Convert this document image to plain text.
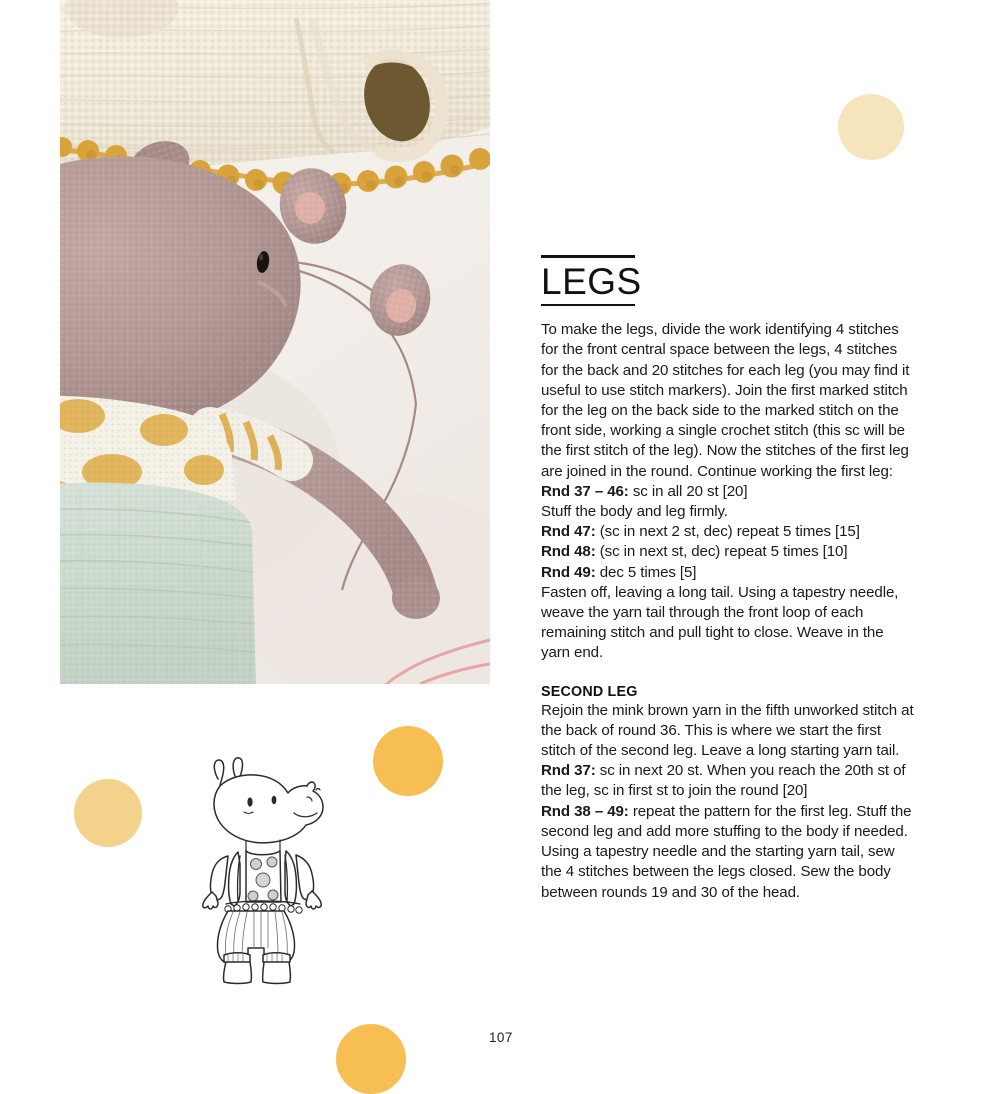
LEGS

To make the legs, divide the work identifying 4 stitches for the front central space between the legs, 4 stitches for the back and 20 stitches for each leg (you may find it useful to use stitch markers). Join the first marked stitch for the leg on the back side to the marked stitch on the front side, working a single crochet stitch (this sc will be the first stitch of the leg). Now the stitches of the first leg are joined in the round. Continue working the first leg:

Rnd 37 – 46: sc in all 20 st [20]

Stuff the body and leg firmly.

Rnd 47: (sc in next 2 st, dec) repeat 5 times [15]

Rnd 48: (sc in next st, dec) repeat 5 times [10]

Rnd 49: dec 5 times [5]

Fasten off, leaving a long tail. Using a tapestry needle, weave the yarn tail through the front loop of each remaining stitch and pull tight to close. Weave in the yarn end.

SECOND LEG

Rejoin the mink brown yarn in the fifth unworked stitch at the back of round 36. This is where we start the first stitch of the second leg. Leave a long starting yarn tail.

Rnd 37: sc in next 20 st. When you reach the 20th st of the leg, sc in first st to join the round [20]

Rnd 38 – 49: repeat the pattern for the first leg. Stuff the second leg and add more stuffing to the body if needed. Using a tapestry needle and the starting yarn tail, sew the 4 stitches between the legs closed. Sew the body between rounds 19 and 30 of the head.

107
